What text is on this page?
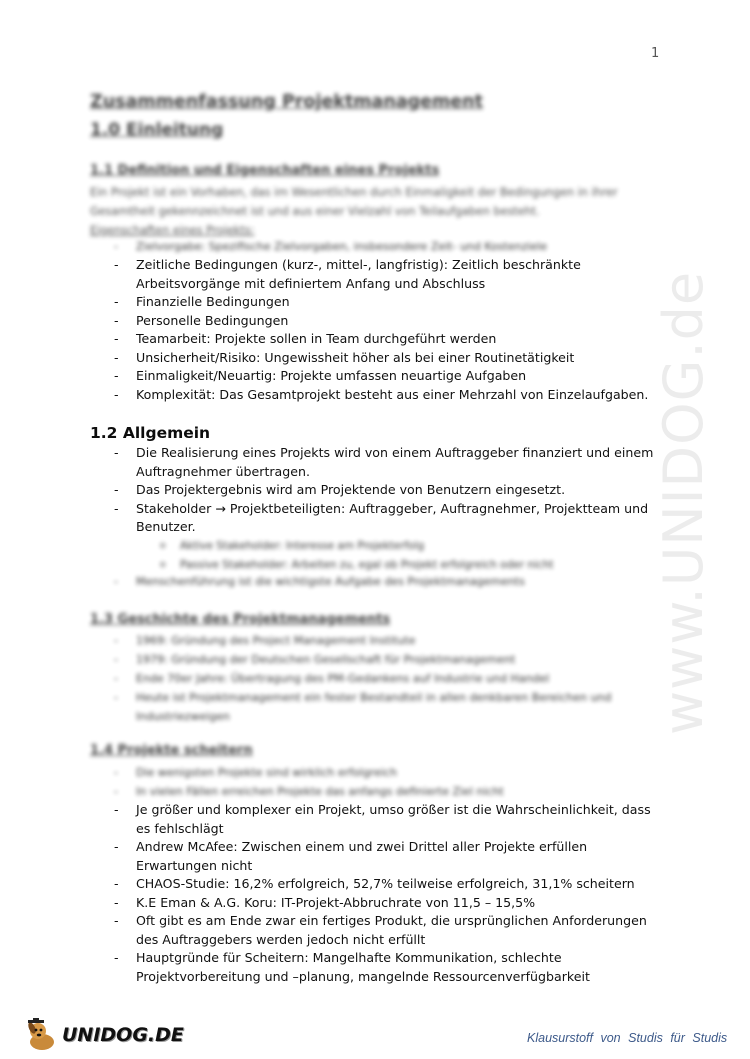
1
www.UNIDOG.de
Zusammenfassung Projektmanagement
1.0 Einleitung
1.1 Definition und Eigenschaften eines Projekts

Ein Projekt ist ein Vorhaben, das im Wesentlichen durch Einmaligkeit der Bedingungen in ihrer Gesamtheit gekennzeichnet ist und aus einer Vielzahl von Teilaufgaben besteht.
Eigenschaften eines Projekts:

- Zielvorgabe: Spezifische Zielvorgaben, insbesondere Zeit- und Kostenziele
- Zeitliche Bedingungen (kurz-, mittel-, langfristig): Zeitlich beschränkte Arbeitsvorgänge mit definiertem Anfang und Abschluss
- Finanzielle Bedingungen
- Personelle Bedingungen
- Teamarbeit: Projekte sollen in Team durchgeführt werden
- Unsicherheit/Risiko: Ungewissheit höher als bei einer Routinetätigkeit
- Einmaligkeit/Neuartig: Projekte umfassen neuartige Aufgaben
- Komplexität: Das Gesamtprojekt besteht aus einer Mehrzahl von Einzelaufgaben.
1.2 Allgemein
- Die Realisierung eines Projekts wird von einem Auftraggeber finanziert und einem Auftragnehmer übertragen.
- Das Projektergebnis wird am Projektende von Benutzern eingesetzt.
- Stakeholder → Projektbeteiligten: Auftraggeber, Auftragnehmer, Projektteam und Benutzer.
o Aktive Stakeholder: Interesse am Projekterfolg
o Passive Stakeholder: Arbeiten zu, egal ob Projekt erfolgreich oder nicht
- Menschenführung ist die wichtigste Aufgabe des Projektmanagements
1.3 Geschichte des Projektmanagements
- 1969: Gründung des Project Management Institute
- 1979: Gründung der Deutschen Gesellschaft für Projektmanagement
- Ende 70er Jahre: Übertragung des PM-Gedankens auf Industrie und Handel
- Heute ist Projektmanagement ein fester Bestandteil in allen denkbaren Bereichen und Industriezweigen
1.4 Projekte scheitern
- Die wenigsten Projekte sind wirklich erfolgreich
- In vielen Fällen erreichen Projekte das anfangs definierte Ziel nicht
- Je größer und komplexer ein Projekt, umso größer ist die Wahrscheinlichkeit, dass es fehlschlägt
- Andrew McAfee: Zwischen einem und zwei Drittel aller Projekte erfüllen Erwartungen nicht
- CHAOS-Studie: 16,2% erfolgreich, 52,7% teilweise erfolgreich, 31,1% scheitern
- K.E Eman & A.G. Koru: IT-Projekt-Abbruchrate von 11,5 – 15,5%
- Oft gibt es am Ende zwar ein fertiges Produkt, die ursprünglichen Anforderungen des Auftraggebers werden jedoch nicht erfüllt
- Hauptgründe für Scheitern: Mangelhafte Kommunikation, schlechte Projektvorbereitung und –planung, mangelnde Ressourcenverfügbarkeit
UNIDOG.DE	Klausurstoff von Studis für Studis
